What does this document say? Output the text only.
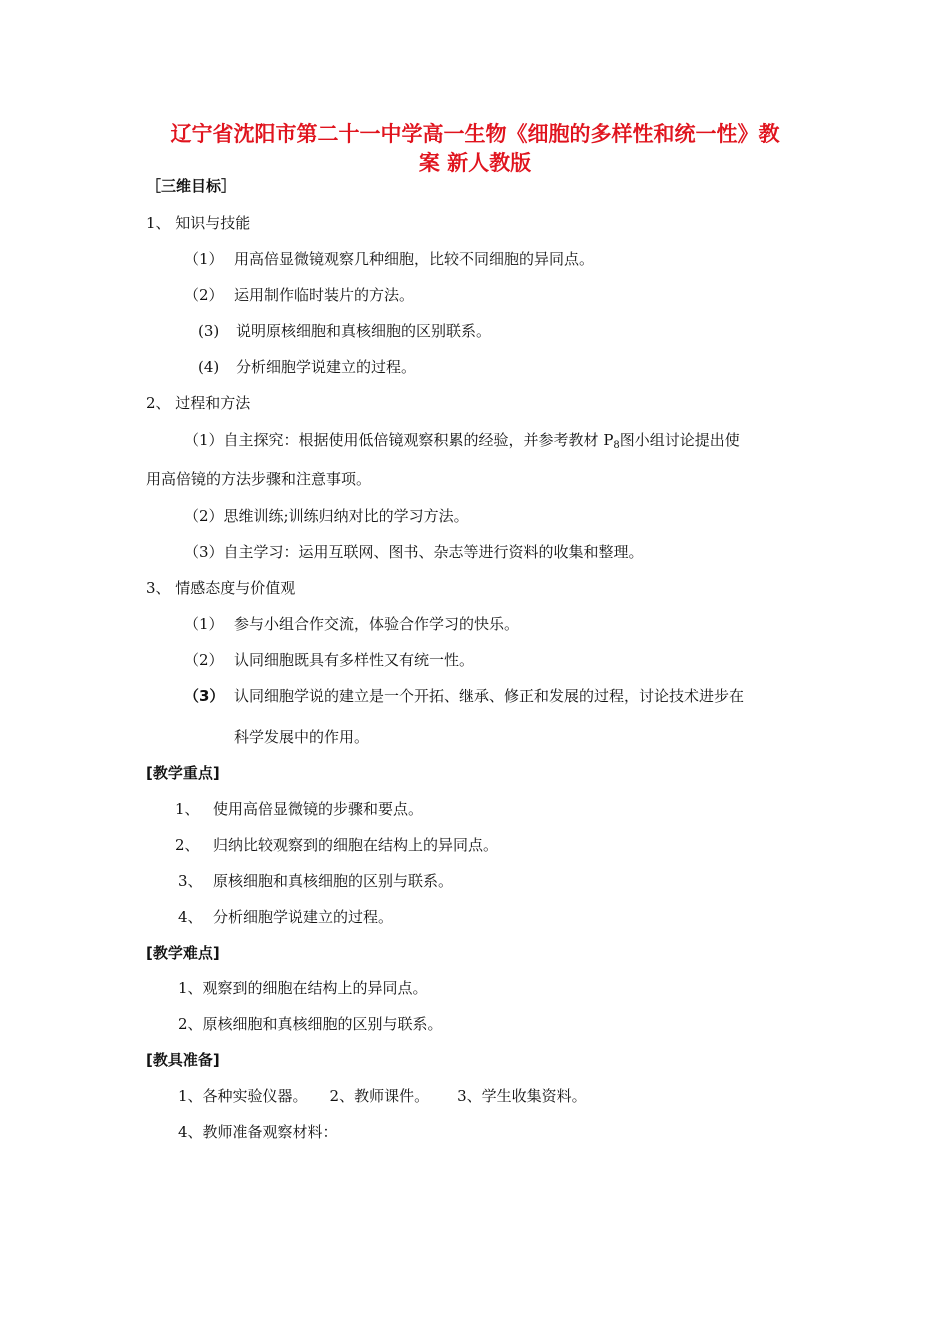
辽宁省沈阳市第二十一中学高一生物《细胞的多样性和统一性》教
案 新人教版
［三维目标］
1、 知识与技能
（1） 用高倍显微镜观察几种细胞，比较不同细胞的异同点。
（2） 运用制作临时装片的方法。
(3) 说明原核细胞和真核细胞的区别联系。
(4) 分析细胞学说建立的过程。
2、 过程和方法
（1）自主探究：根据使用低倍镜观察积累的经验，并参考教材 $P_8$图小组讨论提出使
用高倍镜的方法步骤和注意事项。
（2）思维训练;训练归纳对比的学习方法。
（3）自主学习：运用互联网、图书、杂志等进行资料的收集和整理。
3、 情感态度与价值观
（1） 参与小组合作交流，体验合作学习的快乐。
（2） 认同细胞既具有多样性又有统一性。
（3） 认同细胞学说的建立是一个开拓、继承、修正和发展的过程，讨论技术进步在
科学发展中的作用。
[教学重点]
1、 使用高倍显微镜的步骤和要点。
2、 归纳比较观察到的细胞在结构上的异同点。
3、 原核细胞和真核细胞的区别与联系。
4、 分析细胞学说建立的过程。
[教学难点]
1、观察到的细胞在结构上的异同点。
2、原核细胞和真核细胞的区别与联系。
[教具准备]
1、各种实验仪器。 2、教师课件。 3、学生收集资料。
4、教师准备观察材料：
